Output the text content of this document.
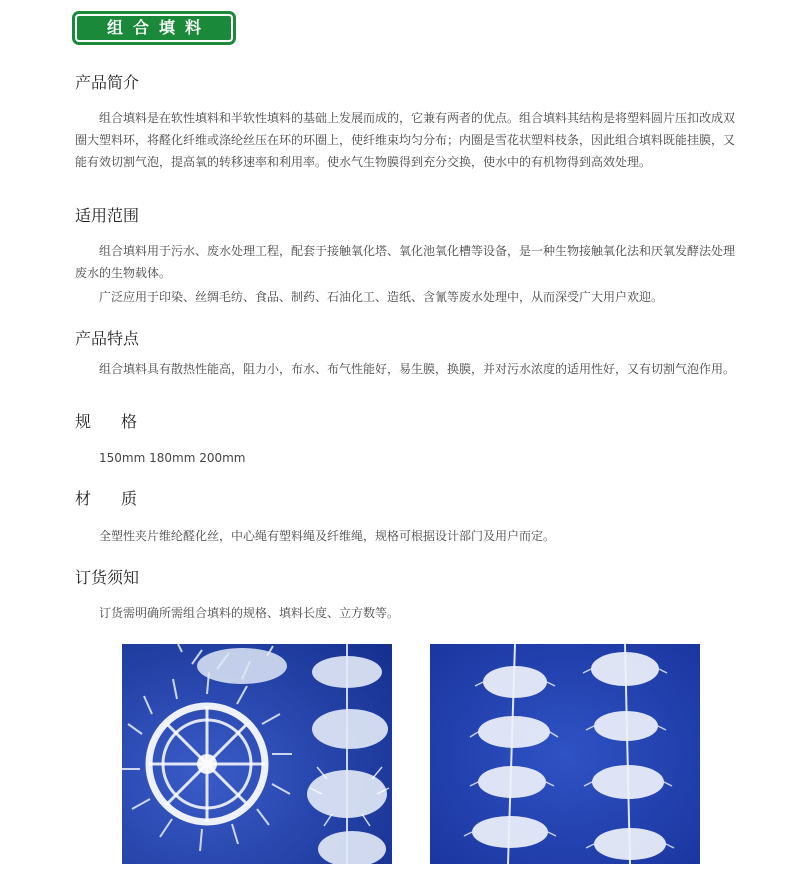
组合填料
产品简介

组合填料是在软性填料和半软性填料的基础上发展而成的，它兼有两者的优点。组合填料其结构是将塑料圆片压扣改成双圈大塑料环，将醛化纤维或涤纶丝压在环的环圈上，使纤维束均匀分布；内圈是雪花状塑料枝条，因此组合填料既能挂膜，又能有效切割气泡，提高氧的转移速率和利用率。使水气生物膜得到充分交换，使水中的有机物得到高效处理。

适用范围

组合填料用于污水、废水处理工程，配套于接触氧化塔、氧化池氧化槽等设备，是一种生物接触氧化法和厌氧发酵法处理废水的生物载体。

广泛应用于印染、丝绸毛纺、食品、制药、石油化工、造纸、含氰等废水处理中，从而深受广大用户欢迎。

产品特点

组合填料具有散热性能高，阻力小，布水、布气性能好，易生膜，换膜，并对污水浓度的适用性好，又有切割气泡作用。

规格

150mm 180mm 200mm

材质

全塑性夹片维纶醛化丝，中心绳有塑料绳及纤维绳，规格可根据设计部门及用户而定。

订货须知

订货需明确所需组合填料的规格、填料长度、立方数等。
